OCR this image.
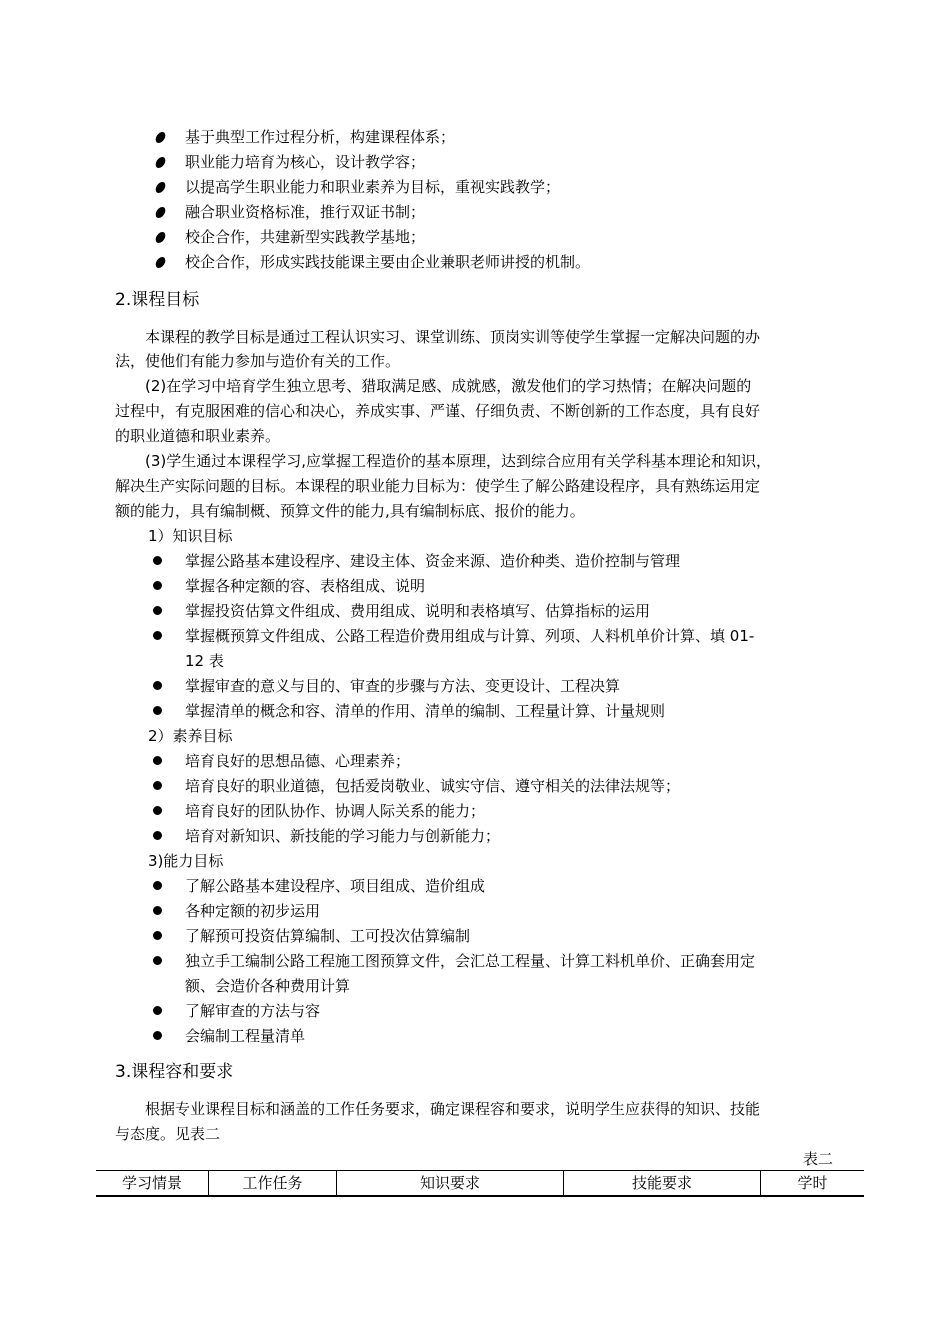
基于典型工作过程分析，构建课程体系；
职业能力培育为核心，设计教学容；
以提高学生职业能力和职业素养为目标，重视实践教学；
融合职业资格标准，推行双证书制；
校企合作，共建新型实践教学基地；
校企合作，形成实践技能课主要由企业兼职老师讲授的机制。
2.课程目标
本课程的教学目标是通过工程认识实习、课堂训练、顶岗实训等使学生掌握一定解决问题的办
法，使他们有能力参加与造价有关的工作。
(2)在学习中培育学生独立思考、猎取满足感、成就感，激发他们的学习热情；在解决问题的
过程中，有克服困难的信心和决心，养成实事、严谨、仔细负责、不断创新的工作态度，具有良好
的职业道德和职业素养。
(3)学生通过本课程学习,应掌握工程造价的基本原理，达到综合应用有关学科基本理论和知识，
解决生产实际问题的目标。本课程的职业能力目标为：使学生了解公路建设程序，具有熟练运用定
额的能力，具有编制概、预算文件的能力,具有编制标底、报价的能力。
1）知识目标
掌握公路基本建设程序、建设主体、资金来源、造价种类、造价控制与管理
掌握各种定额的容、表格组成、说明
掌握投资估算文件组成、费用组成、说明和表格填写、估算指标的运用
掌握概预算文件组成、公路工程造价费用组成与计算、列项、人料机单价计算、填 01-
12 表
掌握审查的意义与目的、审查的步骤与方法、变更设计、工程决算
掌握清单的概念和容、清单的作用、清单的编制、工程量计算、计量规则
2）素养目标
培育良好的思想品德、心理素养；
培育良好的职业道德，包括爱岗敬业、诚实守信、遵守相关的法律法规等；
培育良好的团队协作、协调人际关系的能力；
培育对新知识、新技能的学习能力与创新能力；
3)能力目标
了解公路基本建设程序、项目组成、造价组成
各种定额的初步运用
了解预可投资估算编制、工可投次估算编制
独立手工编制公路工程施工图预算文件，会汇总工程量、计算工料机单价、正确套用定
额、会造价各种费用计算
了解审查的方法与容
会编制工程量清单
3.课程容和要求
根据专业课程目标和涵盖的工作任务要求，确定课程容和要求，说明学生应获得的知识、技能
与态度。见表二
表二
学习情景	工作任务	知识要求	技能要求	学时
